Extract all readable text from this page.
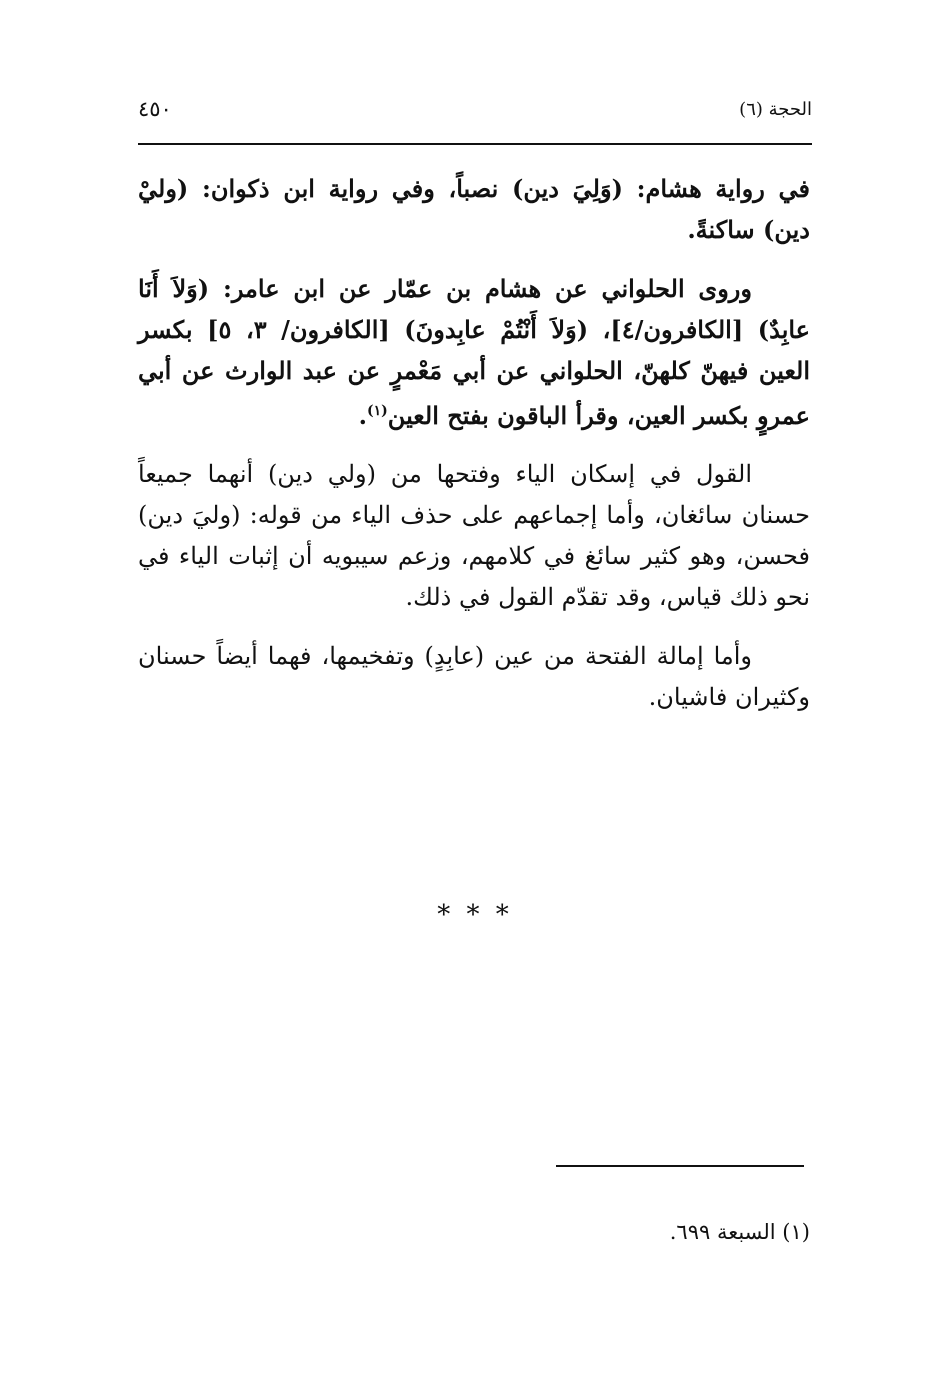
٤٥٠	الحجة (٦)

في رواية هشام: (وَلِيَ دين) نصباً، وفي رواية ابن ذكوان: (وليْ دين) ساكنةً.

وروى الحلواني عن هشام بن عمّار عن ابن عامر: (وَلاَ أَنَا عابِدٌ) [الكافرون/٤]، (وَلاَ أَنْتُمْ عابِدونَ) [الكافرون/ ٣، ٥] بكسر العين فيهنّ كلهنّ، الحلواني عن أبي مَعْمرٍ عن عبد الوارث عن أبي عمروٍ بكسر العين، وقرأ الباقون بفتح العين$^{(١)}$.

القول في إسكان الياء وفتحها من (ولي دين) أنهما جميعاً حسنان سائغان، وأما إجماعهم على حذف الياء من قوله: (وليَ دين) فحسن، وهو كثير سائغ في كلامهم، وزعم سيبويه أن إثبات الياء في نحو ذلك قياس، وقد تقدّم القول في ذلك.

وأما إمالة الفتحة من عين (عابِدٍ) وتفخيمها، فهما أيضاً حسنان وكثيران فاشيان.

* * *
(١) السبعة ٦٩٩.
